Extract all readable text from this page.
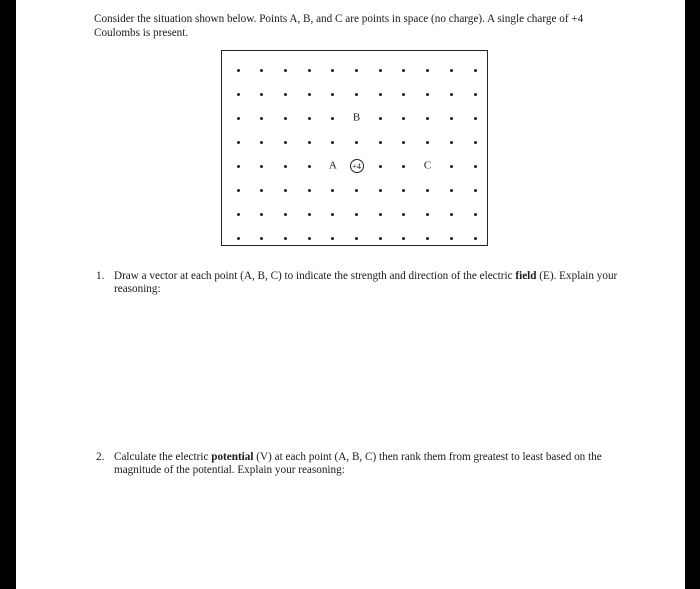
Consider the situation shown below. Points A, B, and C are points in space (no charge). A single charge of +4 Coulombs is present.
B
A	C
+4
1. Draw a vector at each point (A, B, C) to indicate the strength and direction of the electric field (E). Explain your reasoning:
2. Calculate the electric potential (V) at each point (A, B, C) then rank them from greatest to least based on the magnitude of the potential. Explain your reasoning:
